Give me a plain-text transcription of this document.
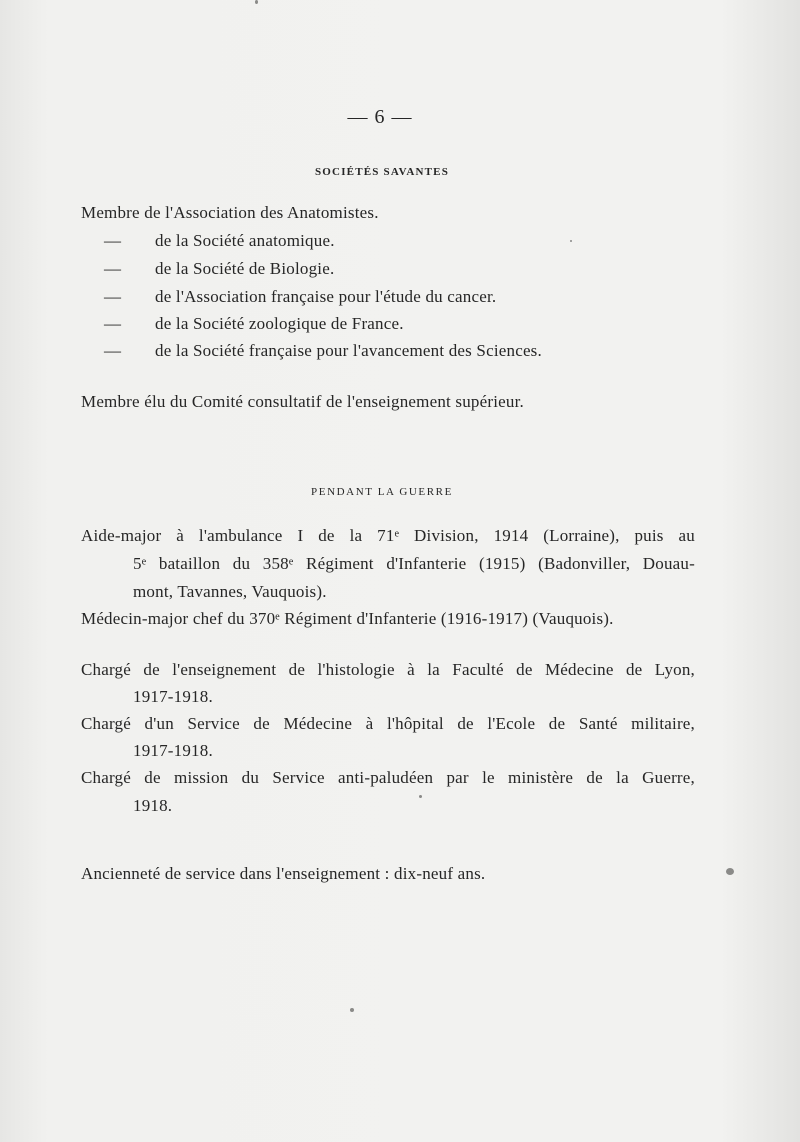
— 6 —
SOCIÉTÉS SAVANTES
Membre de l'Association des Anatomistes.
— de la Société anatomique.
— de la Société de Biologie.
— de l'Association française pour l'étude du cancer.
— de la Société zoologique de France.
— de la Société française pour l'avancement des Sciences.
Membre élu du Comité consultatif de l'enseignement supérieur.
PENDANT LA GUERRE
Aide-major à l'ambulance I de la 71ᵉ Division, 1914 (Lorraine), puis au
5ᵉ bataillon du 358ᵉ Régiment d'Infanterie (1915) (Badonviller, Douau-
mont, Tavannes, Vauquois).
Médecin-major chef du 370ᵉ Régiment d'Infanterie (1916-1917) (Vauquois).
Chargé de l'enseignement de l'histologie à la Faculté de Médecine de Lyon,
1917-1918.
Chargé d'un Service de Médecine à l'hôpital de l'Ecole de Santé militaire,
1917-1918.
Chargé de mission du Service anti-paludéen par le ministère de la Guerre,
1918.
Ancienneté de service dans l'enseignement : dix-neuf ans.
